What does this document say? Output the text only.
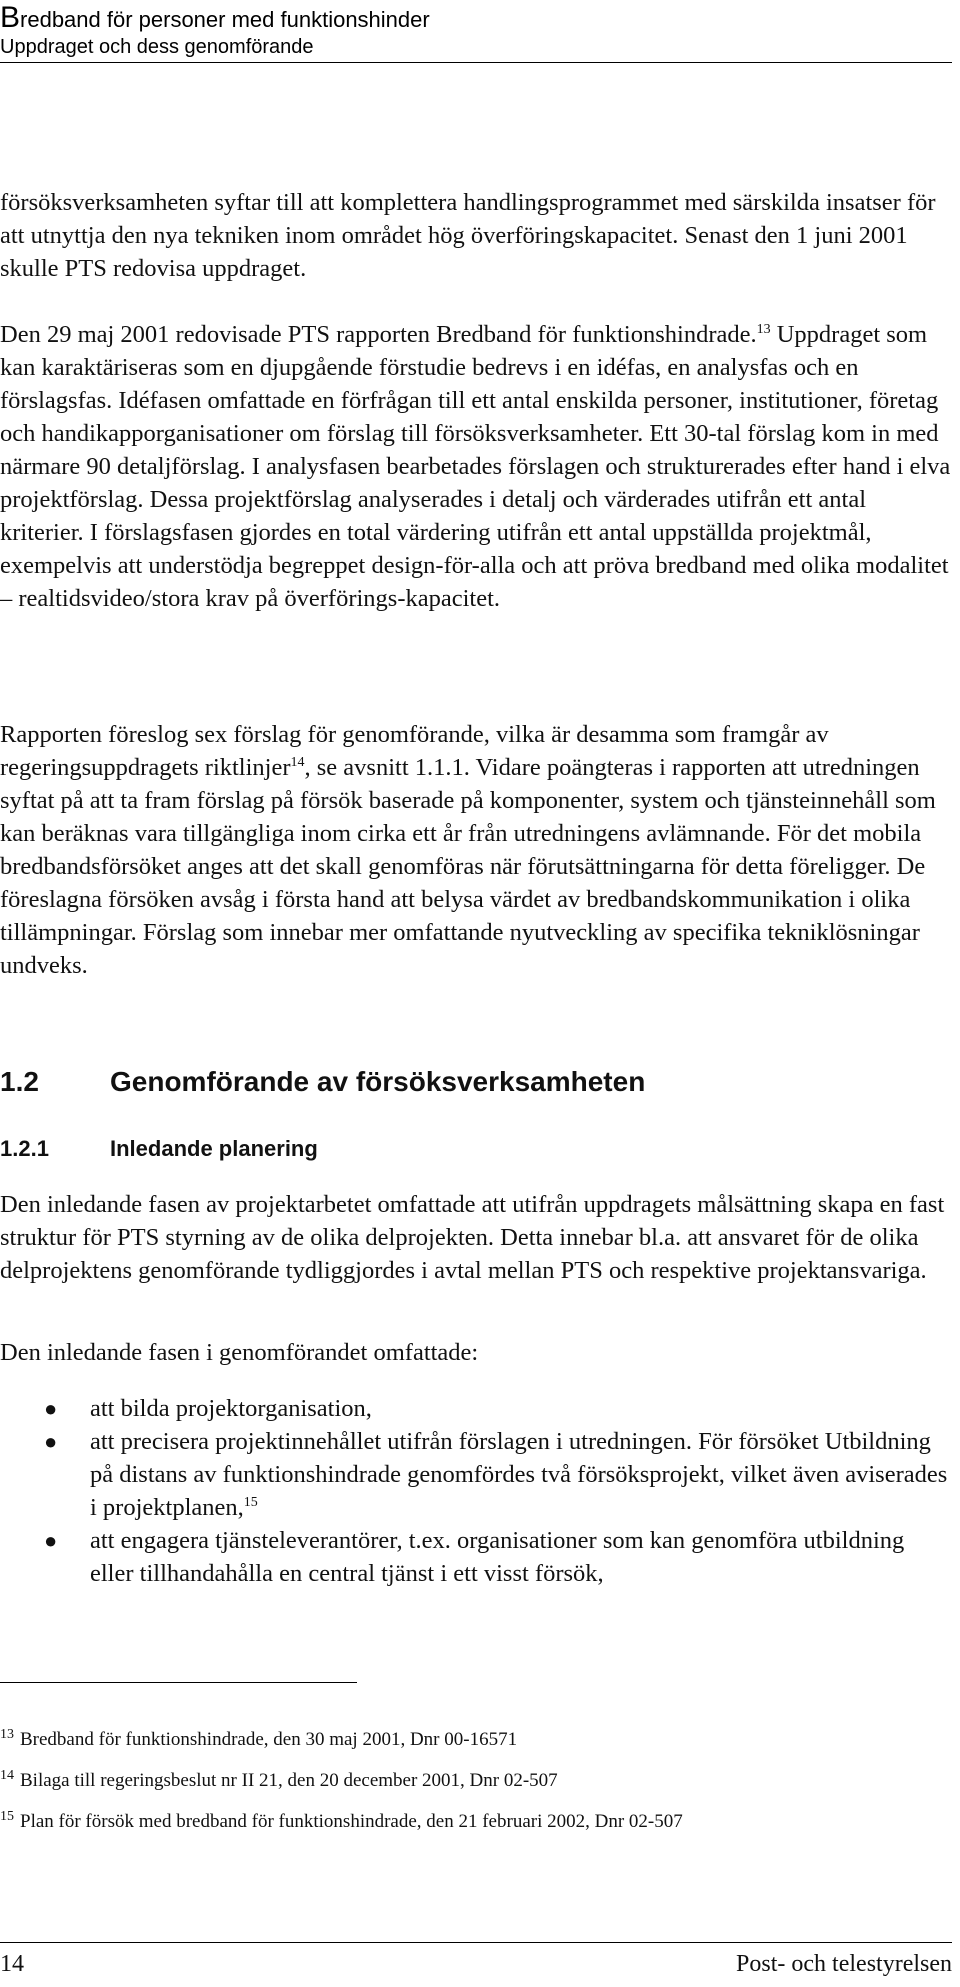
Bredband för personer med funktionshinder
Uppdraget och dess genomförande

försöksverksamheten syftar till att komplettera handlingsprogrammet med särskilda insatser för att utnyttja den nya tekniken inom området hög överföringskapacitet. Senast den 1 juni 2001 skulle PTS redovisa uppdraget.

Den 29 maj 2001 redovisade PTS rapporten Bredband för funktionshindrade.$^{13}$ Uppdraget som kan karaktäriseras som en djupgående förstudie bedrevs i en idéfas, en analysfas och en förslagsfas. Idéfasen omfattade en förfrågan till ett antal enskilda personer, institutioner, företag och handikapporganisationer om förslag till försöksverksamheter. Ett 30-tal förslag kom in med närmare 90 detaljförslag. I analysfasen bearbetades förslagen och strukturerades efter hand i elva projektförslag. Dessa projektförslag analyserades i detalj och värderades utifrån ett antal kriterier. I förslagsfasen gjordes en total värdering utifrån ett antal uppställda projektmål, exempelvis att understödja begreppet design-för-alla och att pröva bredband med olika modalitet – realtidsvideo/stora krav på överförings-kapacitet.

Rapporten föreslog sex förslag för genomförande, vilka är desamma som framgår av regeringsuppdragets riktlinjer$^{14}$, se avsnitt 1.1.1. Vidare poängteras i rapporten att utredningen syftat på att ta fram förslag på försök baserade på komponenter, system och tjänsteinnehåll som kan beräknas vara tillgängliga inom cirka ett år från utredningens avlämnande. För det mobila bredbandsförsöket anges att det skall genomföras när förutsättningarna för detta föreligger. De föreslagna försöken avsåg i första hand att belysa värdet av bredbandskommunikation i olika tillämpningar. Förslag som innebar mer omfattande nyutveckling av specifika tekniklösningar undveks.

1.2	Genomförande av försöksverksamheten
1.2.1	Inledande planering

Den inledande fasen av projektarbetet omfattade att utifrån uppdragets målsättning skapa en fast struktur för PTS styrning av de olika delprojekten. Detta innebar bl.a. att ansvaret för de olika delprojektens genomförande tydliggjordes i avtal mellan PTS och respektive projektansvariga.

Den inledande fasen i genomförandet omfattade:

● att bilda projektorganisation,
● att precisera projektinnehållet utifrån förslagen i utredningen. För försöket Utbildning på distans av funktionshindrade genomfördes två försöksprojekt, vilket även aviserades i projektplanen,$^{15}$
● att engagera tjänsteleverantörer, t.ex. organisationer som kan genomföra utbildning eller tillhandahålla en central tjänst i ett visst försök,
$^{13}$ Bredband för funktionshindrade, den 30 maj 2001, Dnr 00-16571
$^{14}$ Bilaga till regeringsbeslut nr II 21, den 20 december 2001, Dnr 02-507
$^{15}$ Plan för försök med bredband för funktionshindrade, den 21 februari 2002, Dnr 02-507
14	Post- och telestyrelsen
